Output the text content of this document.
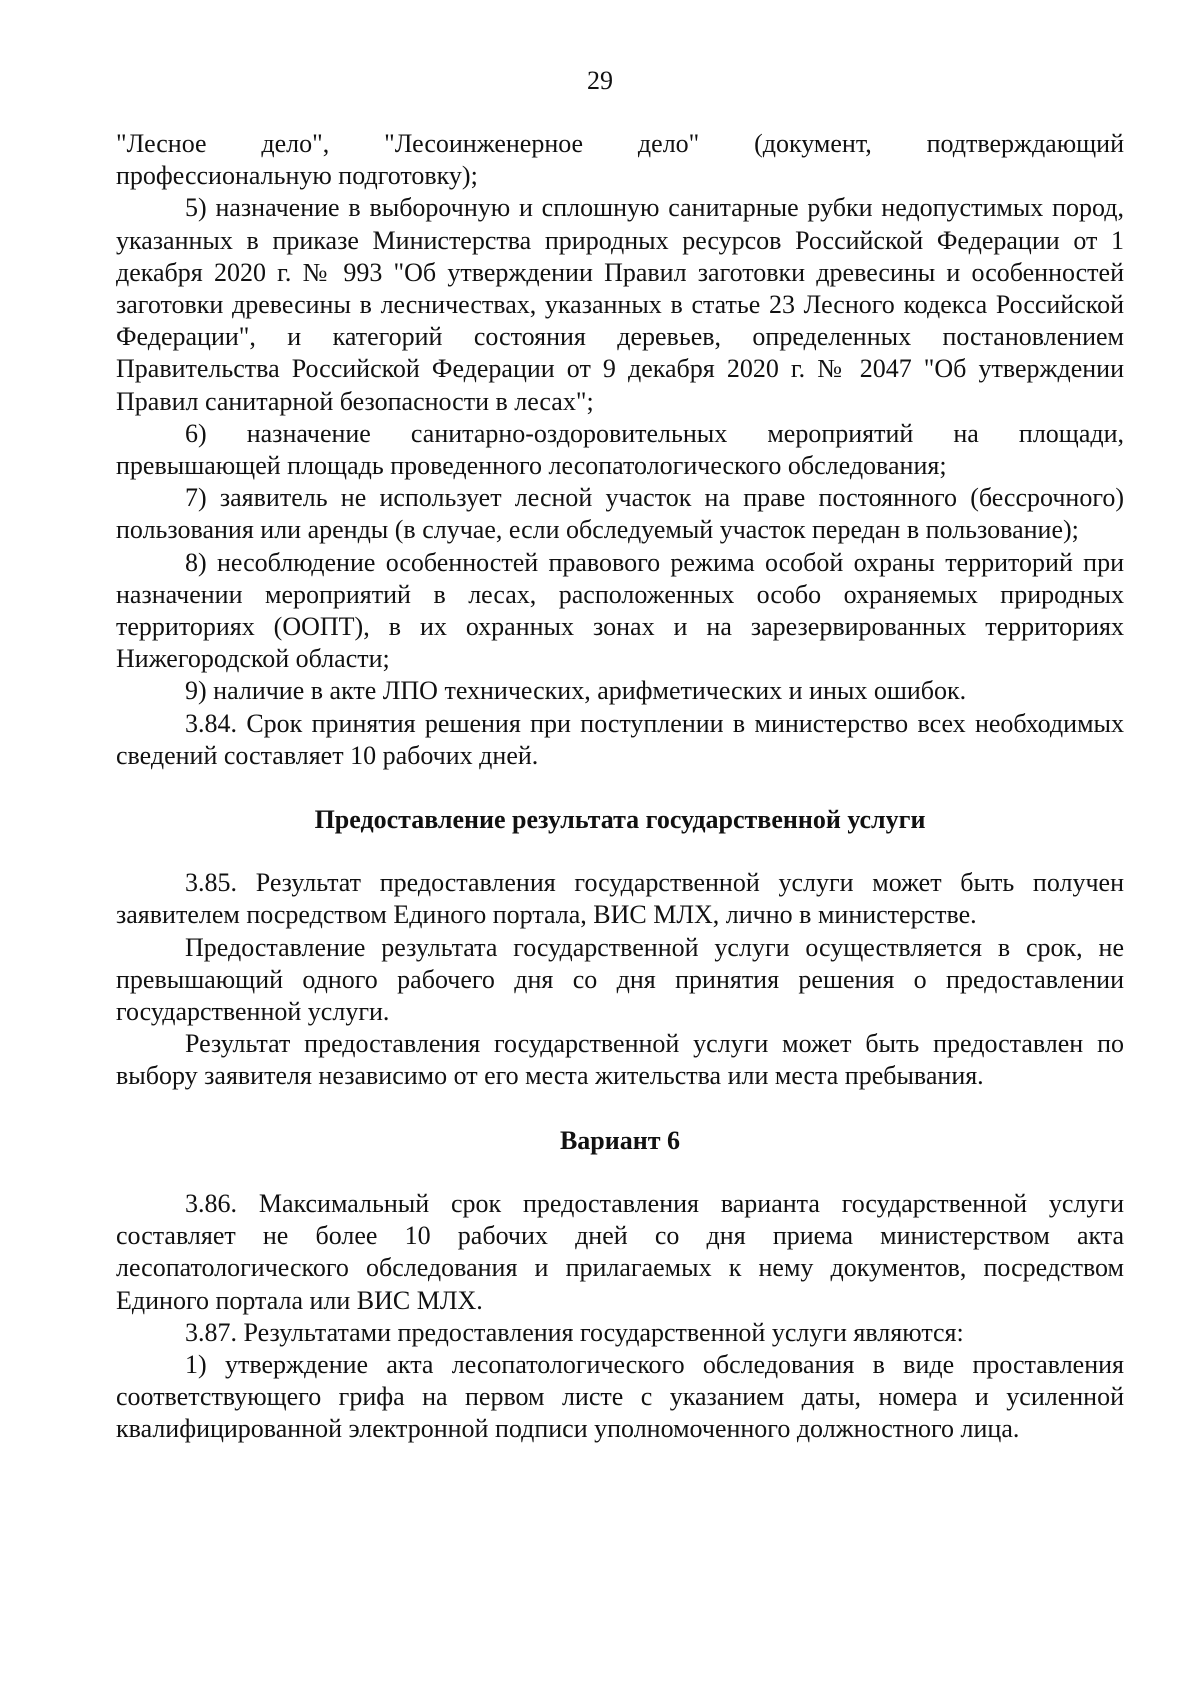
29

"Лесное дело", "Лесоинженерное дело" (документ, подтверждающий

профессиональную подготовку);

5) назначение в выборочную и сплошную санитарные рубки недопустимых пород, указанных в приказе Министерства природных ресурсов Российской Федерации от 1 декабря 2020 г. № 993 "Об утверждении Правил заготовки древесины и особенностей заготовки древесины в лесничествах, указанных в статье 23 Лесного кодекса Российской Федерации", и категорий состояния деревьев, определенных постановлением Правительства Российской Федерации от 9 декабря 2020 г. № 2047 "Об утверждении Правил санитарной безопасности в лесах";

6) назначение санитарно-оздоровительных мероприятий на площади, превышающей площадь проведенного лесопатологического обследования;

7) заявитель не использует лесной участок на праве постоянного (бессрочного) пользования или аренды (в случае, если обследуемый участок передан в пользование);

8) несоблюдение особенностей правового режима особой охраны территорий при назначении мероприятий в лесах, расположенных особо охраняемых природных территориях (ООПТ), в их охранных зонах и на зарезервированных территориях Нижегородской области;

9) наличие в акте ЛПО технических, арифметических и иных ошибок.

3.84. Срок принятия решения при поступлении в министерство всех необходимых сведений составляет 10 рабочих дней.

Предоставление результата государственной услуги

3.85. Результат предоставления государственной услуги может быть получен заявителем посредством Единого портала, ВИС МЛХ, лично в министерстве.

Предоставление результата государственной услуги осуществляется в срок, не превышающий одного рабочего дня со дня принятия решения о предоставлении государственной услуги.

Результат предоставления государственной услуги может быть предоставлен по выбору заявителя независимо от его места жительства или места пребывания.

Вариант 6

3.86. Максимальный срок предоставления варианта государственной услуги составляет не более 10 рабочих дней со дня приема министерством акта лесопатологического обследования и прилагаемых к нему документов, посредством Единого портала или ВИС МЛХ.

3.87. Результатами предоставления государственной услуги являются:

1) утверждение акта лесопатологического обследования в виде проставления соответствующего грифа на первом листе с указанием даты, номера и усиленной квалифицированной электронной подписи уполномоченного должностного лица.
